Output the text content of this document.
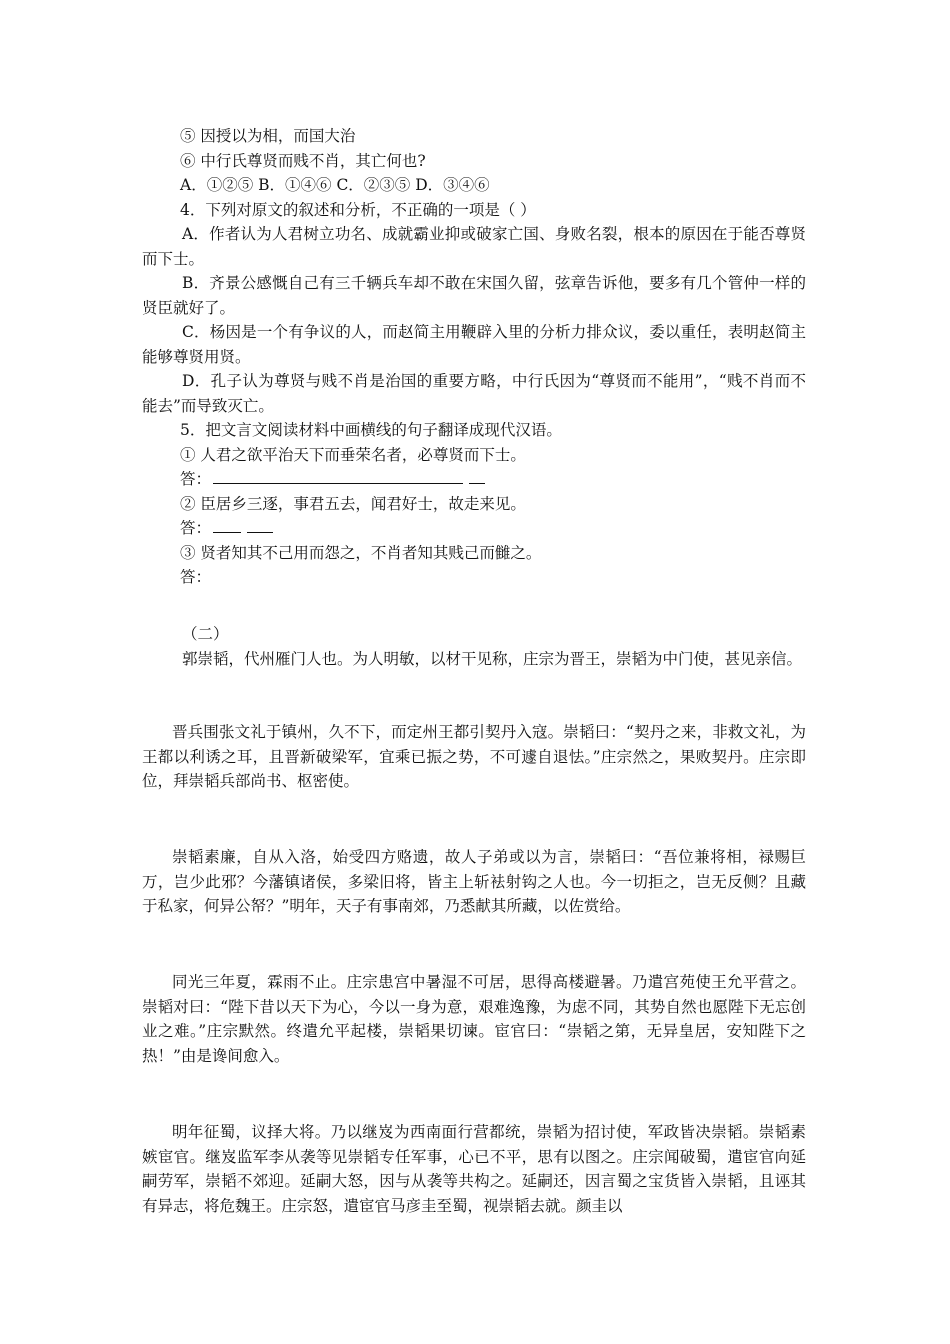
⑤ 因授以为相，而国大治
⑥ 中行氏尊贤而贱不肖，其亡何也?
A．①②⑤ B．①④⑥ C．②③⑤ D．③④⑥
4．下列对原文的叙述和分析，不正确的一项是（ ）
A．作者认为人君树立功名、成就霸业抑或破家亡国、身败名裂，根本的原因在于能否尊贤而下士。
B．齐景公感慨自己有三千辆兵车却不敢在宋国久留，弦章告诉他，要多有几个管仲一样的贤臣就好了。
C．杨因是一个有争议的人，而赵简主用鞭辟入里的分析力排众议，委以重任，表明赵简主能够尊贤用贤。
D．孔子认为尊贤与贱不肖是治国的重要方略，中行氏因为“尊贤而不能用”，“贱不肖而不能去”而导致灭亡。
5．把文言文阅读材料中画横线的句子翻译成现代汉语。
① 人君之欲平治天下而垂荣名者，必尊贤而下士。
答：
② 臣居乡三逐，事君五去，闻君好士，故走来见。
答：
③ 贤者知其不己用而怨之，不肖者知其贱己而雠之。
答：
（二）
郭崇韬，代州雁门人也。为人明敏，以材干见称，庄宗为晋王，崇韬为中门使，甚见亲信。
晋兵围张文礼于镇州，久不下，而定州王都引契丹入寇。崇韬曰：“契丹之来，非救文礼，为王都以利诱之耳，且晋新破梁军，宜乘已振之势，不可遽自退怯。”庄宗然之，果败契丹。庄宗即位，拜崇韬兵部尚书、枢密使。
崇韬素廉，自从入洛，始受四方赂遗，故人子弟或以为言，崇韬曰：“吾位兼将相，禄赐巨万，岂少此邪？今藩镇诸侯，多梁旧将，皆主上斩袪射钩之人也。今一切拒之，岂无反侧？且藏于私家，何异公帑？”明年，天子有事南郊，乃悉献其所藏，以佐赏给。
同光三年夏，霖雨不止。庄宗患宫中暑湿不可居，思得高楼避暑。乃遣宫苑使王允平营之。崇韬对曰：“陛下昔以天下为心，今以一身为意，艰难逸豫，为虑不同，其势自然也愿陛下无忘创业之难。”庄宗默然。终遣允平起楼，崇韬果切谏。宦官曰：“崇韬之第，无异皇居，安知陛下之热！”由是谗间愈入。
明年征蜀，议择大将。乃以继岌为西南面行营都统，崇韬为招讨使，军政皆决崇韬。崇韬素嫉宦官。继岌监军李从袭等见崇韬专任军事，心已不平，思有以图之。庄宗闻破蜀，遣宦官向延嗣劳军，崇韬不郊迎。延嗣大怒，因与从袭等共构之。延嗣还，因言蜀之宝货皆入崇韬，且诬其有异志，将危魏王。庄宗怒，遣宦官马彦圭至蜀，视崇韬去就。颜圭以
